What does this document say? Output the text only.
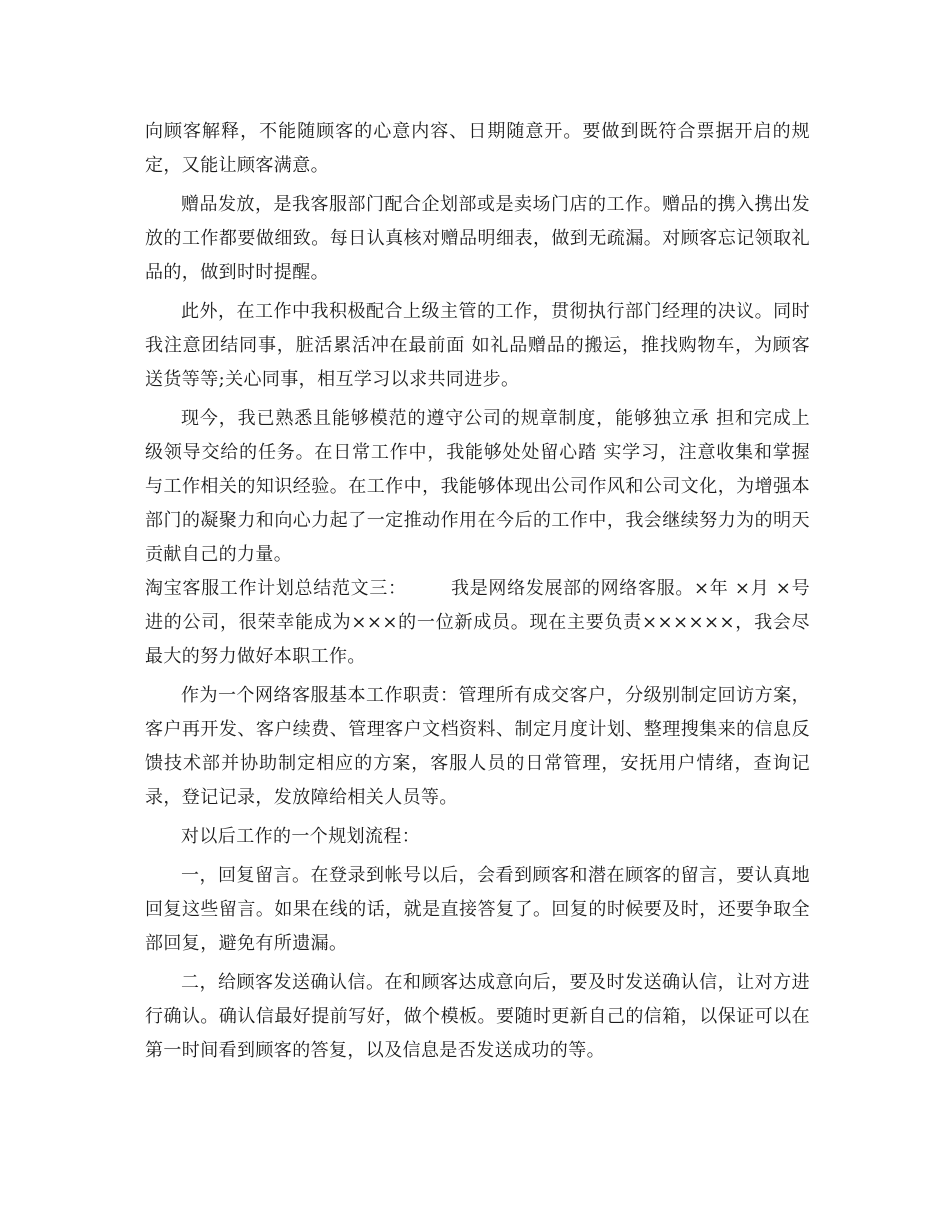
向顾客解释，不能随顾客的心意内容、日期随意开。要做到既符合票据开启的规定，又能让顾客满意。

赠品发放，是我客服部门配合企划部或是卖场门店的工作。赠品的携入携出发放的工作都要做细致。每日认真核对赠品明细表，做到无疏漏。对顾客忘记领取礼品的，做到时时提醒。

此外，在工作中我积极配合上级主管的工作，贯彻执行部门经理的决议。同时我注意团结同事，脏活累活冲在最前面 如礼品赠品的搬运，推找购物车，为顾客送货等等;关心同事，相互学习以求共同进步。

现今，我已熟悉且能够模范的遵守公司的规章制度，能够独立承 担和完成上级领导交给的任务。在日常工作中，我能够处处留心踏 实学习，注意收集和掌握与工作相关的知识经验。在工作中，我能够体现出公司作风和公司文化，为增强本部门的凝聚力和向心力起了一定推动作用在今后的工作中，我会继续努力为的明天贡献自己的力量。

淘宝客服工作计划总结范文三： 我是网络发展部的网络客服。×年 ×月 ×号进的公司，很荣幸能成为×××的一位新成员。现在主要负责××××××，我会尽最大的努力做好本职工作。

作为一个网络客服基本工作职责：管理所有成交客户，分级别制定回访方案，客户再开发、客户续费、管理客户文档资料、制定月度计划、整理搜集来的信息反馈技术部并协助制定相应的方案，客服人员的日常管理，安抚用户情绪，查询记录，登记记录，发放障给相关人员等。

对以后工作的一个规划流程：

一，回复留言。在登录到帐号以后，会看到顾客和潜在顾客的留言，要认真地回复这些留言。如果在线的话，就是直接答复了。回复的时候要及时，还要争取全部回复，避免有所遗漏。

二，给顾客发送确认信。在和顾客达成意向后，要及时发送确认信，让对方进行确认。确认信最好提前写好，做个模板。要随时更新自己的信箱，以保证可以在第一时间看到顾客的答复，以及信息是否发送成功的等。
